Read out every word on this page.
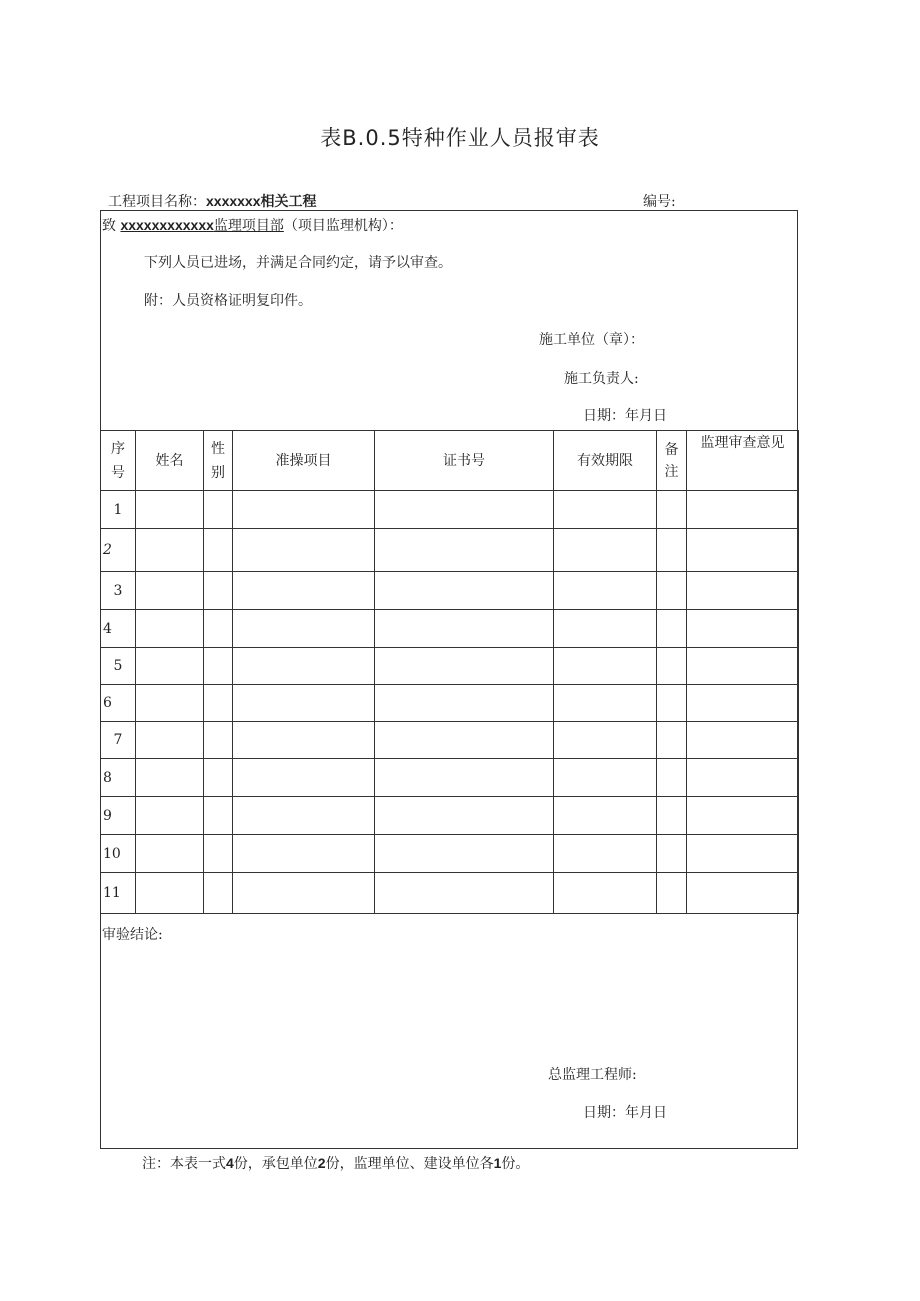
表B.0.5特种作业人员报审表
工程项目名称：xxxxxxx相关工程	编号:
致 xxxxxxxxxxxx监理项目部（项目监理机构）：
下列人员已进场，并满足合同约定，请予以审查。
附：人员资格证明复印件。
施工单位（章）：
施工负责人:
日期：年月日
序号	姓名	性别	准操项目	证书号	有效期限	备注	监理审查意见
1							
2							
3							
4							
5							
6							
7							
8							
9							
10							
11							
审验结论:
总监理工程师:
日期：年月日
注：本表一式4份，承包单位2份，监理单位、建设单位各1份。
